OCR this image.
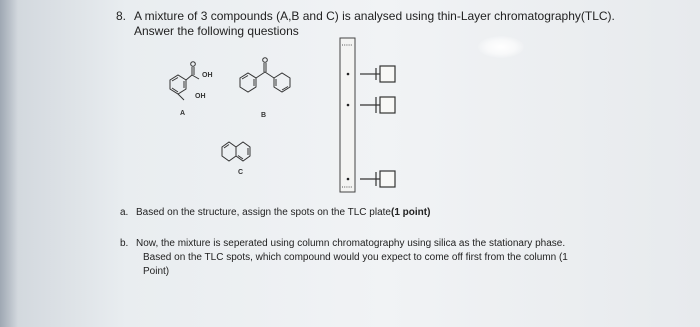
8. A mixture of 3 compounds (A,B and C) is analysed using thin-Layer chromatography(TLC).
Answer the following questions
OH
OH
A	B
C
a. Based on the structure, assign the spots on the TLC plate(1 point)
b. Now, the mixture is seperated using column chromatography using silica as the stationary phase.
Based on the TLC spots, which compound would you expect to come off first from the column (1
Point)
